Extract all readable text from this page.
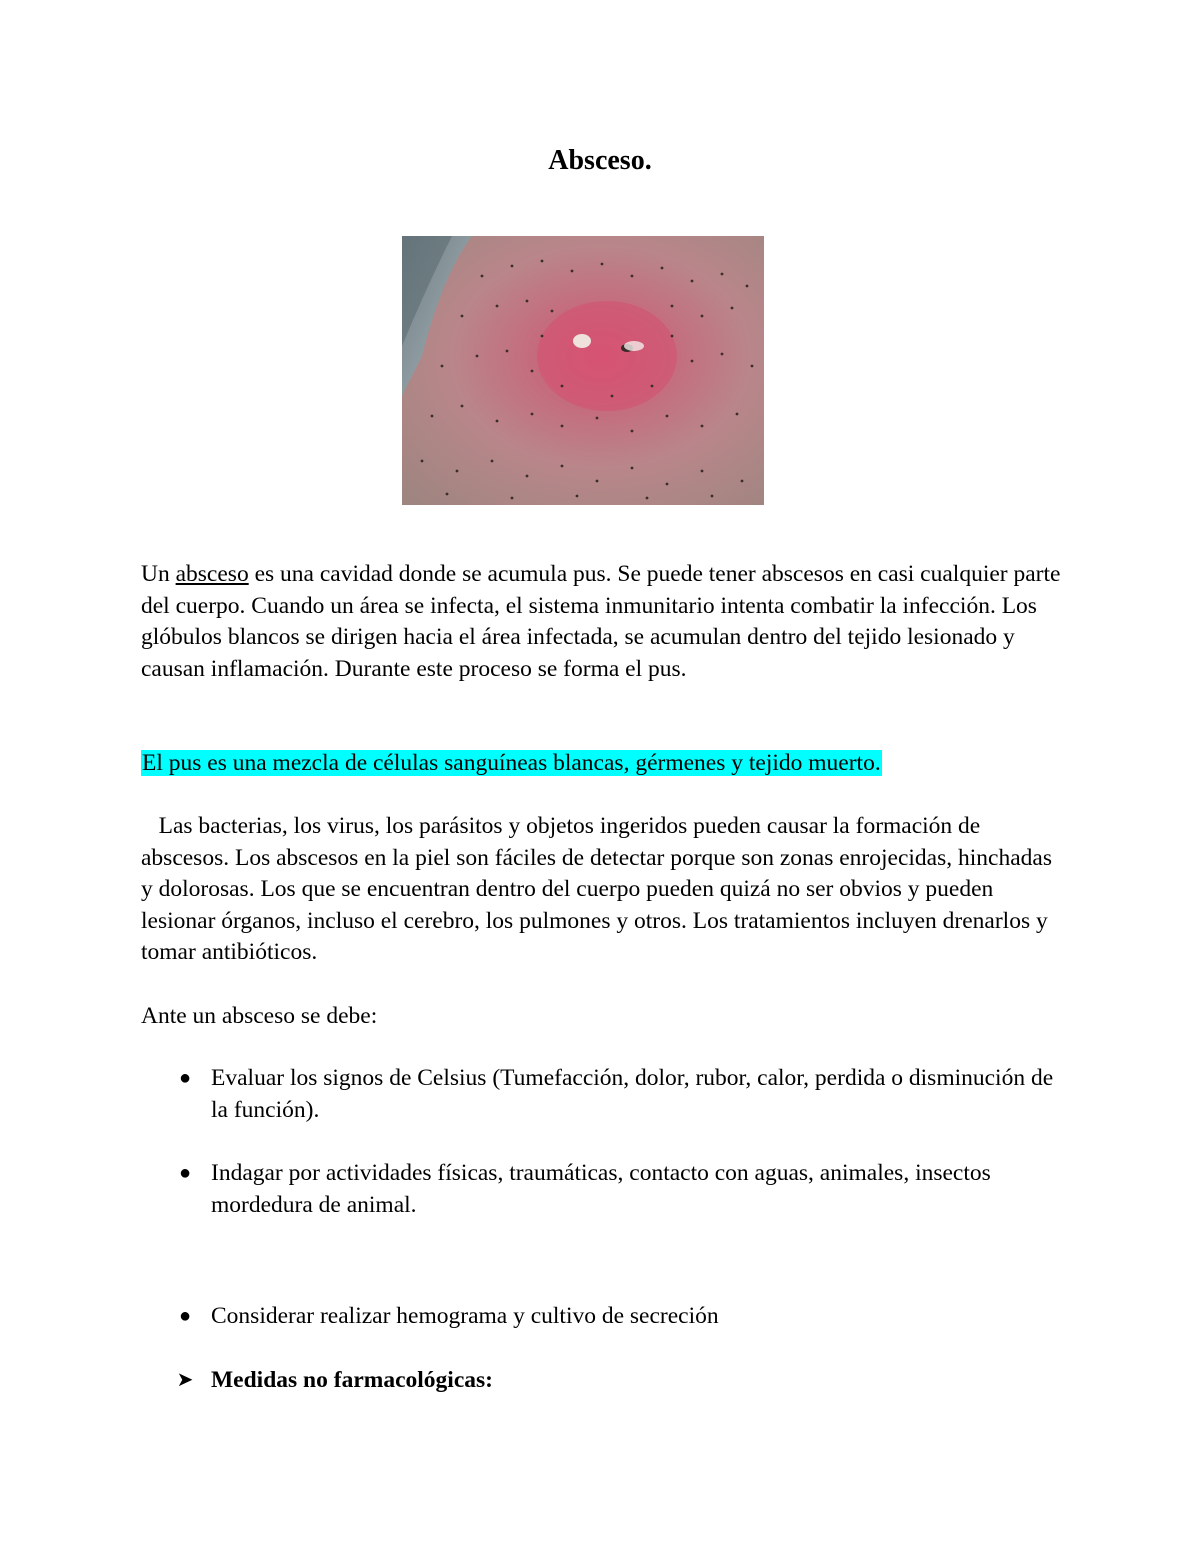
Absceso.

Un absceso es una cavidad donde se acumula pus. Se puede tener abscesos en casi cualquier parte del cuerpo. Cuando un área se infecta, el sistema inmunitario intenta combatir la infección. Los glóbulos blancos se dirigen hacia el área infectada, se acumulan dentro del tejido lesionado y causan inflamación. Durante este proceso se forma el pus.

El pus es una mezcla de células sanguíneas blancas, gérmenes y tejido muerto.

Las bacterias, los virus, los parásitos y objetos ingeridos pueden causar la formación de abscesos. Los abscesos en la piel son fáciles de detectar porque son zonas enrojecidas, hinchadas y dolorosas. Los que se encuentran dentro del cuerpo pueden quizá no ser obvios y pueden lesionar órganos, incluso el cerebro, los pulmones y otros. Los tratamientos incluyen drenarlos y tomar antibióticos.

Ante un absceso se debe:

● Evaluar los signos de Celsius (Tumefacción, dolor, rubor, calor, perdida o disminución de la función).
● Indagar por actividades físicas, traumáticas, contacto con aguas, animales, insectos mordedura de animal.
● Considerar realizar hemograma y cultivo de secreción
➤ Medidas no farmacológicas:
